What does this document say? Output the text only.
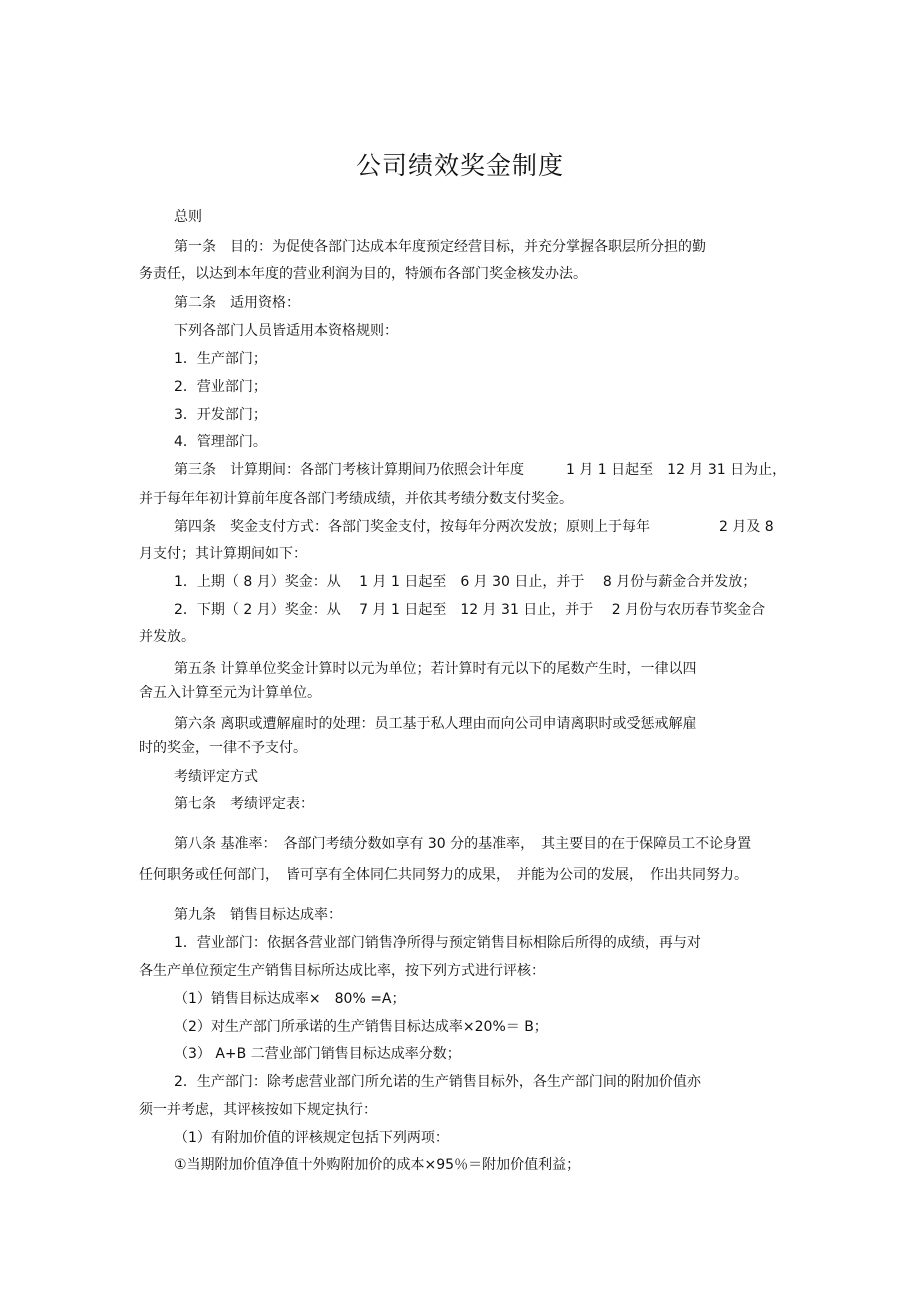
公司绩效奖金制度
总则
第一条　目的：为促使各部门达成本年度预定经营目标，并充分掌握各职层所分担的勤
务责任，以达到本年度的营业利润为目的，特颁布各部门奖金核发办法。
第二条　适用资格：
下列各部门人员皆适用本资格规则：
1．生产部门；
2．营业部门；
3．开发部门；
4．管理部门。
第三条　计算期间：各部门考核计算期间乃依照会计年度	1 月 1 日起至　12 月 31 日为止，
并于每年年初计算前年度各部门考绩成绩，并依其考绩分数支付奖金。
第四条　奖金支付方式：各部门奖金支付，按每年分两次发放；原则上于每年	2 月及 8
月支付；其计算期间如下：
1．上期（ 8 月）奖金：从　 1 月 1 日起至　6 月 30 日止，并于　 8 月份与薪金合并发放；
2．下期（ 2 月）奖金：从　 7 月 1 日起至　12 月 31 日止，并于　 2 月份与农历春节奖金合
并发放。
第五条 计算单位奖金计算时以元为单位；若计算时有元以下的尾数产生时，一律以四
舍五入计算至元为计算单位。
第六条 离职或遭解雇时的处理：员工基于私人理由而向公司申请离职时或受惩戒解雇
时的奖金，一律不予支付。
考绩评定方式
第七条　考绩评定表：
第八条 基准率：　各部门考绩分数如享有 30 分的基准率，　其主要目的在于保障员工不论身置
任何职务或任何部门，　皆可享有全体同仁共同努力的成果，　并能为公司的发展，　作出共同努力。
第九条　销售目标达成率：
1．营业部门：依据各营业部门销售净所得与预定销售目标相除后所得的成绩，再与对
各生产单位预定生产销售目标所达成比率，按下列方式进行评核：
（1）销售目标达成率×　80% =A；
（2）对生产部门所承诺的生产销售目标达成率×20%＝ B；
（3） A+B 二营业部门销售目标达成率分数；
2．生产部门：除考虑营业部门所允诺的生产销售目标外，各生产部门间的附加价值亦
须一并考虑，其评核按如下规定执行：
（1）有附加价值的评核规定包括下列两项：
①当期附加价值净值十外购附加价的成本×95％＝附加价值利益；
